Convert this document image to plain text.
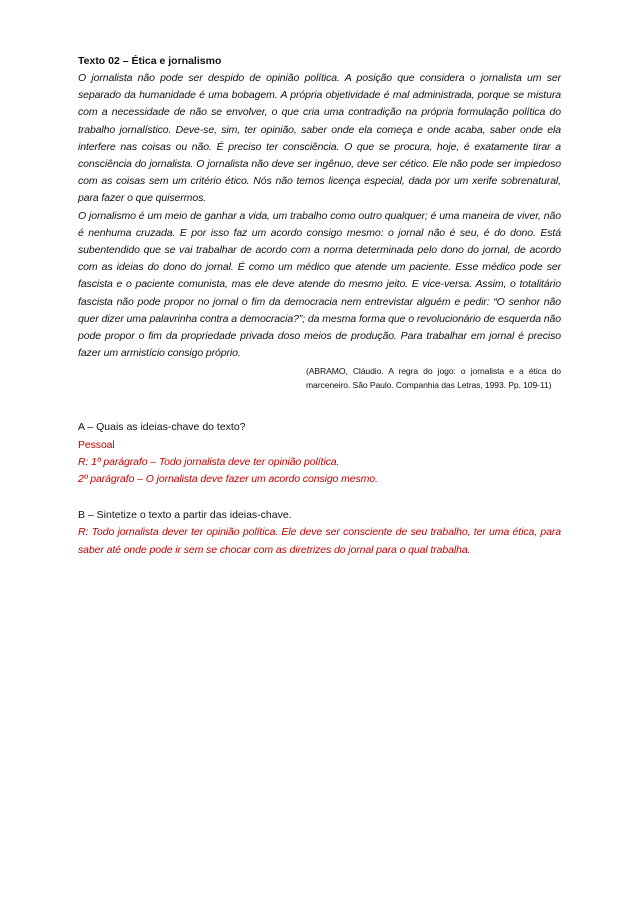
Texto 02 – Ética e jornalismo

O jornalista não pode ser despido de opinião política. A posição que considera o jornalista um ser separado da humanidade é uma bobagem. A própria objetividade é mal administrada, porque se mistura com a necessidade de não se envolver, o que cria uma contradição na própria formulação política do trabalho jornalístico. Deve-se, sim, ter opinião, saber onde ela começa e onde acaba, saber onde ela interfere nas coisas ou não. É preciso ter consciência. O que se procura, hoje, é exatamente tirar a consciência do jornalista. O jornalista não deve ser ingênuo, deve ser cético. Ele não pode ser impiedoso com as coisas sem um critério ético. Nós não temos licença especial, dada por um xerife sobrenatural, para fazer o que quisermos.

O jornalismo é um meio de ganhar a vida, um trabalho como outro qualquer; é uma maneira de viver, não é nenhuma cruzada. E por isso faz um acordo consigo mesmo: o jornal não é seu, é do dono. Está subentendido que se vai trabalhar de acordo com a norma determinada pelo dono do jornal, de acordo com as ideias do dono do jornal. É como um médico que atende um paciente. Esse médico pode ser fascista e o paciente comunista, mas ele deve atende do mesmo jeito. E vice-versa. Assim, o totalitário fascista não pode propor no jornal o fim da democracia nem entrevistar alguém e pedir: “O senhor não quer dizer uma palavrinha contra a democracia?”; da mesma forma que o revolucionário de esquerda não pode propor o fim da propriedade privada doso meios de produção. Para trabalhar em jornal é preciso fazer um armistício consigo próprio.

(ABRAMO, Cláudio. A regra do jogo: o jornalista e a ética do marceneiro. São Paulo. Companhia das Letras, 1993. Pp. 109-11)

A – Quais as ideias-chave do texto?

Pessoal

R: 1º parágrafo – Todo jornalista deve ter opinião política.

2º parágrafo – O jornalista deve fazer um acordo consigo mesmo.

B – Sintetize o texto a partir das ideias-chave.

R: Todo jornalista dever ter opinião política. Ele deve ser consciente de seu trabalho, ter uma ética, para saber até onde pode ir sem se chocar com as diretrizes do jornal para o qual trabalha.
